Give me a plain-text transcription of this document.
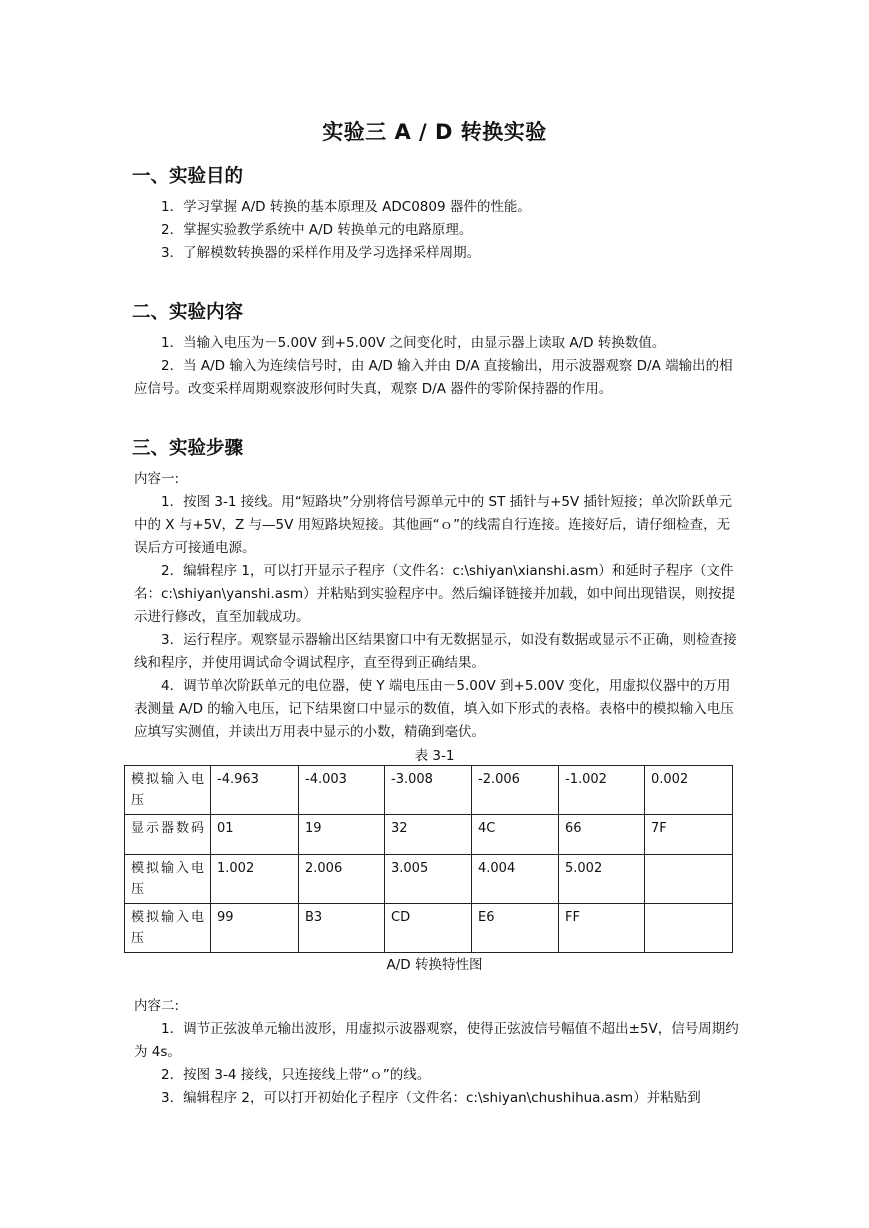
实验三 A / D 转换实验
一、实验目的
1．学习掌握 A/D 转换的基本原理及 ADC0809 器件的性能。
2．掌握实验教学系统中 A/D 转换单元的电路原理。
3．了解模数转换器的采样作用及学习选择采样周期。
二、实验内容
1．当输入电压为－5.00V 到+5.00V 之间变化时，由显示器上读取 A/D 转换数值。
2．当 A/D 输入为连续信号时，由 A/D 输入并由 D/A 直接输出，用示波器观察 D/A 端输出的相应信号。改变采样周期观察波形何时失真，观察 D/A 器件的零阶保持器的作用。
三、实验步骤
内容一:
1．按图 3-1 接线。用“短路块”分别将信号源单元中的 ST 插针与+5V 插针短接；单次阶跃单元中的 X 与+5V，Z 与—5V 用短路块短接。其他画“ｏ”的线需自行连接。连接好后，请仔细检查，无误后方可接通电源。
2．编辑程序 1，可以打开显示子程序（文件名：c:\shiyan\xianshi.asm）和延时子程序（文件名：c:\shiyan\yanshi.asm）并粘贴到实验程序中。然后编译链接并加载，如中间出现错误，则按提示进行修改，直至加载成功。
3．运行程序。观察显示器输出区结果窗口中有无数据显示，如没有数据或显示不正确，则检查接线和程序，并使用调试命令调试程序，直至得到正确结果。
4．调节单次阶跃单元的电位器，使 Y 端电压由－5.00V 到+5.00V 变化，用虚拟仪器中的万用表测量 A/D 的输入电压，记下结果窗口中显示的数值，填入如下形式的表格。表格中的模拟输入电压应填写实测值，并读出万用表中显示的小数，精确到毫伏。
表 3-1
模拟输入电压	-4.963	-4.003	-3.008	-2.006	-1.002	0.002
显示器数码	01	19	32	4C	66	7F
模拟输入电压	1.002	2.006	3.005	4.004	5.002	
模拟输入电压	99	B3	CD	E6	FF	
A/D 转换特性图
内容二:
1．调节正弦波单元输出波形，用虚拟示波器观察，使得正弦波信号幅值不超出±5V，信号周期约为 4s。
2．按图 3-4 接线，只连接线上带“ｏ”的线。
3．编辑程序 2，可以打开初始化子程序（文件名：c:\shiyan\chushihua.asm）并粘贴到
